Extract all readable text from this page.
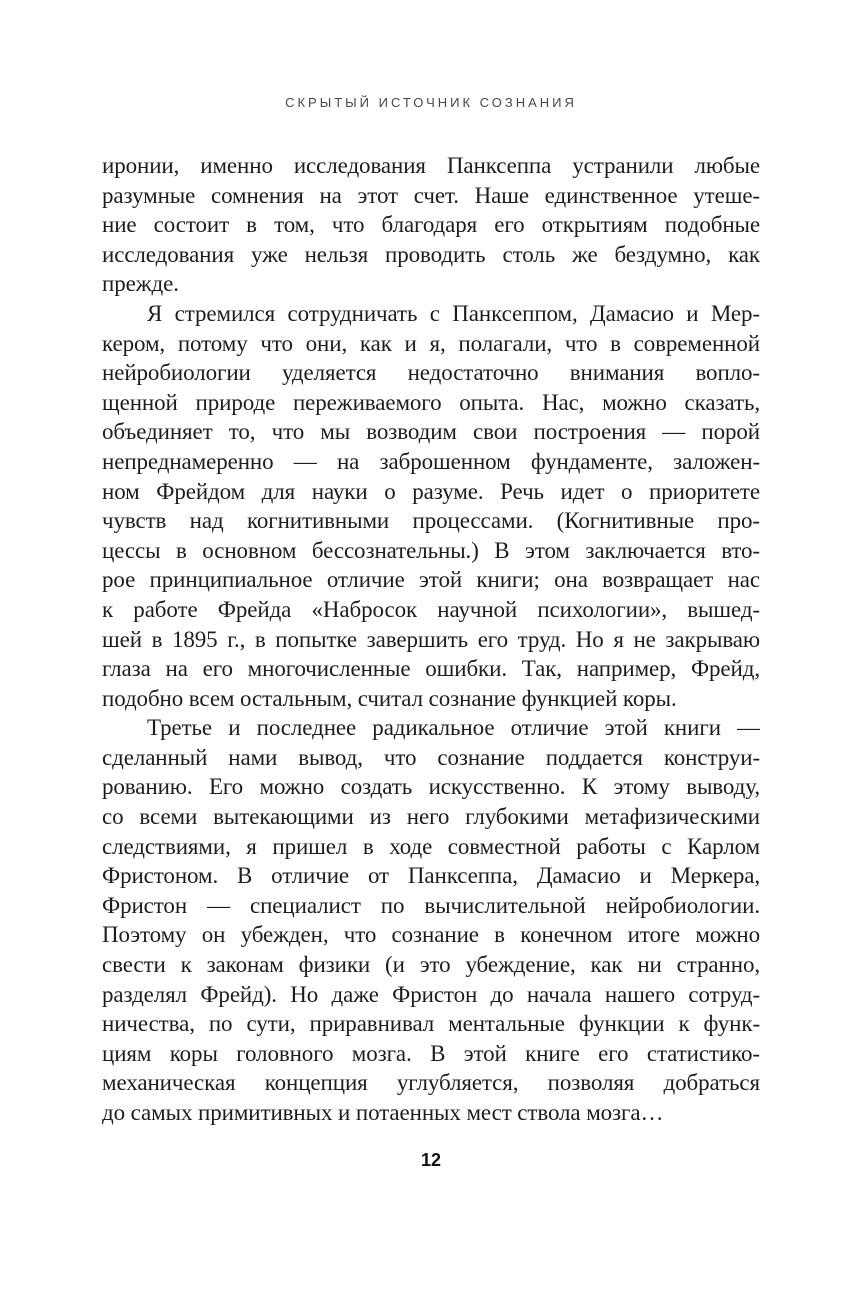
СКРЫТЫЙ ИСТОЧНИК СОЗНАНИЯ
иронии, именно исследования Панксеппа устранили любые
разумные сомнения на этот счет. Наше единственное утеше-
ние состоит в том, что благодаря его открытиям подобные
исследования уже нельзя проводить столь же бездумно, как
прежде.
Я стремился сотрудничать с Панксеппом, Дамасио и Мер-
кером, потому что они, как и я, полагали, что в современной
нейробиологии уделяется недостаточно внимания вопло-
щенной природе переживаемого опыта. Нас, можно сказать,
объединяет то, что мы возводим свои построения — порой
непреднамеренно — на заброшенном фундаменте, заложен-
ном Фрейдом для науки о разуме. Речь идет о приоритете
чувств над когнитивными процессами. (Когнитивные про-
цессы в основном бессознательны.) В этом заключается вто-
рое принципиальное отличие этой книги; она возвращает нас
к работе Фрейда «Набросок научной психологии», вышед-
шей в 1895 г., в попытке завершить его труд. Но я не закрываю
глаза на его многочисленные ошибки. Так, например, Фрейд,
подобно всем остальным, считал сознание функцией коры.
Третье и последнее радикальное отличие этой книги —
сделанный нами вывод, что сознание поддается конструи-
рованию. Его можно создать искусственно. К этому выводу,
со всеми вытекающими из него глубокими метафизическими
следствиями, я пришел в ходе совместной работы с Карлом
Фристоном. В отличие от Панксеппа, Дамасио и Меркера,
Фристон — специалист по вычислительной нейробиологии.
Поэтому он убежден, что сознание в конечном итоге можно
свести к законам физики (и это убеждение, как ни странно,
разделял Фрейд). Но даже Фристон до начала нашего сотруд-
ничества, по сути, приравнивал ментальные функции к функ-
циям коры головного мозга. В этой книге его статистико-
механическая концепция углубляется, позволяя добраться
до самых примитивных и потаенных мест ствола мозга…
12
